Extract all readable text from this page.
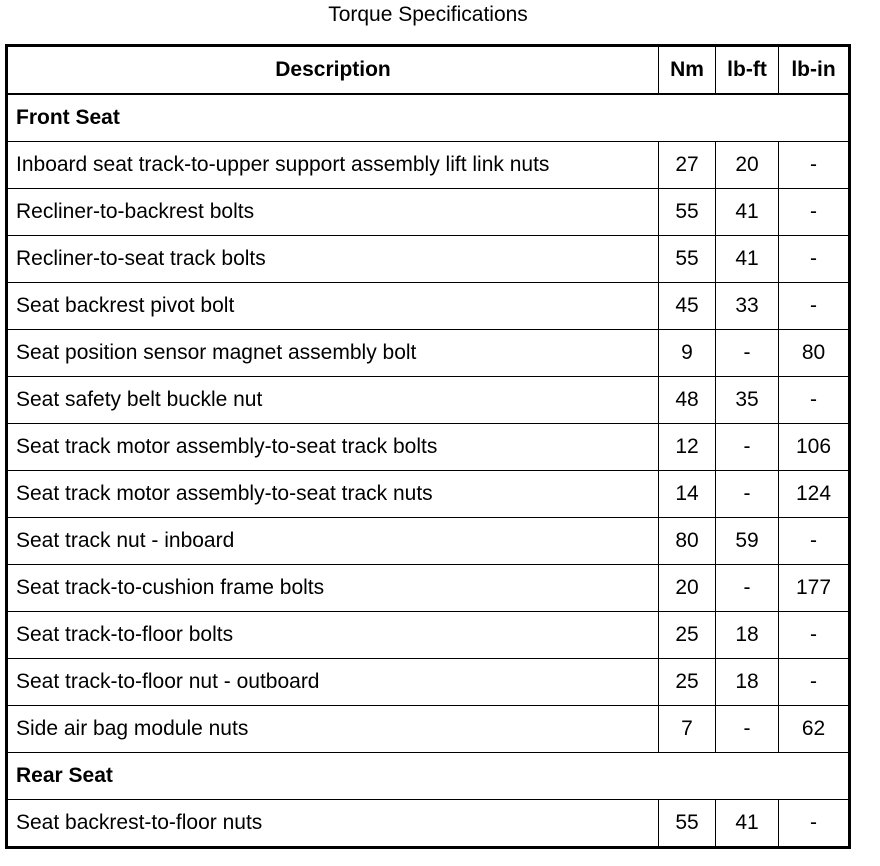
Torque Specifications
Description	Nm	lb-ft	lb-in
Front Seat			
Inboard seat track-to-upper support assembly lift link nuts	27	20	-
Recliner-to-backrest bolts	55	41	-
Recliner-to-seat track bolts	55	41	-
Seat backrest pivot bolt	45	33	-
Seat position sensor magnet assembly bolt	9	-	80
Seat safety belt buckle nut	48	35	-
Seat track motor assembly-to-seat track bolts	12	-	106
Seat track motor assembly-to-seat track nuts	14	-	124
Seat track nut - inboard	80	59	-
Seat track-to-cushion frame bolts	20	-	177
Seat track-to-floor bolts	25	18	-
Seat track-to-floor nut - outboard	25	18	-
Side air bag module nuts	7	-	62
Rear Seat			
Seat backrest-to-floor nuts	55	41	-
